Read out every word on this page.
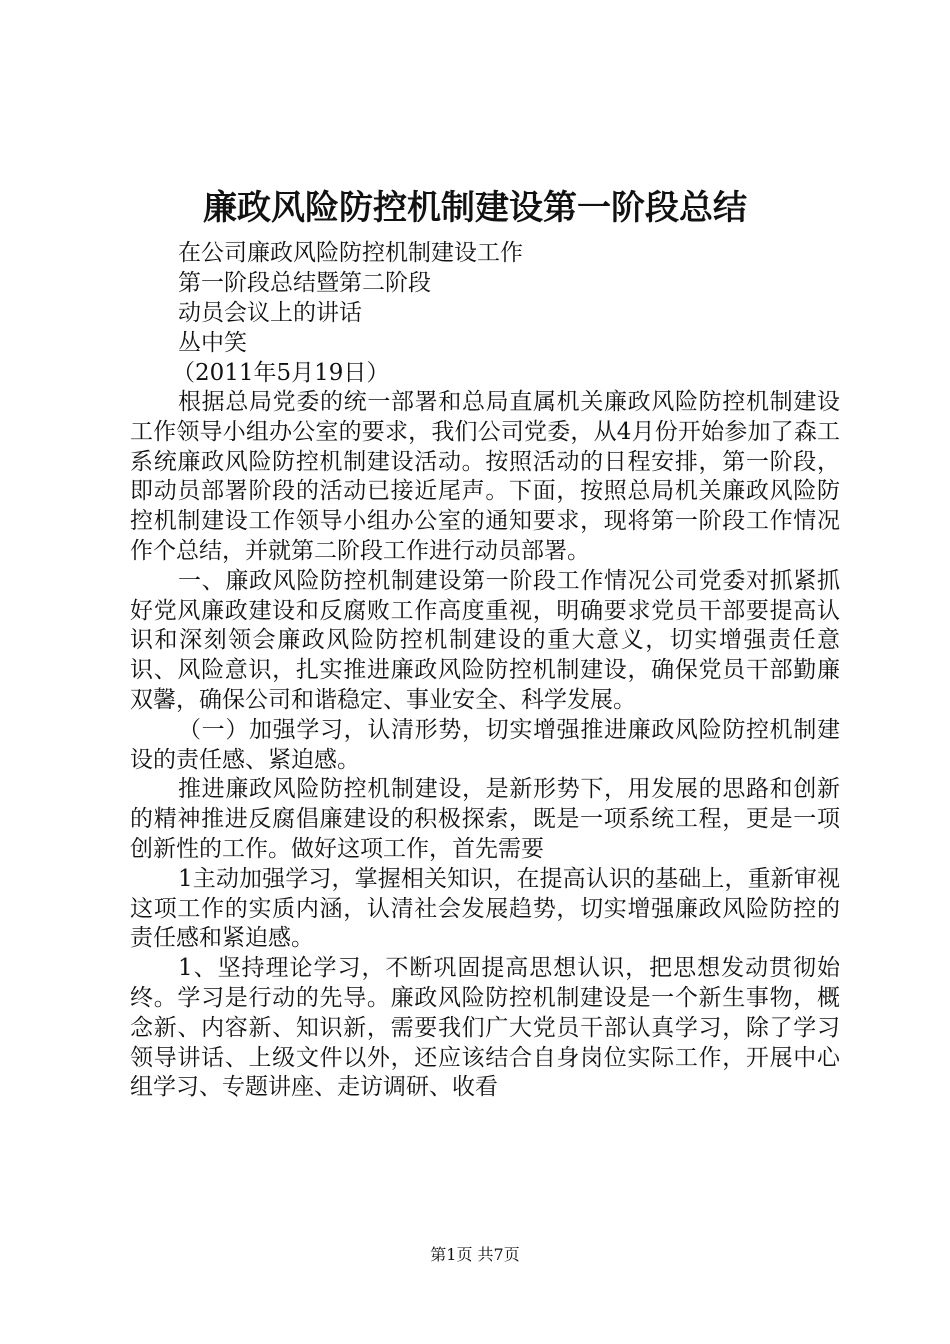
廉政风险防控机制建设第一阶段总结
在公司廉政风险防控机制建设工作
第一阶段总结暨第二阶段
动员会议上的讲话
丛中笑
（2011年5月19日）

根据总局党委的统一部署和总局直属机关廉政风险防控机制建设工作领导小组办公室的要求，我们公司党委，从4月份开始参加了森工系统廉政风险防控机制建设活动。按照活动的日程安排，第一阶段，即动员部署阶段的活动已接近尾声。下面，按照总局机关廉政风险防控机制建设工作领导小组办公室的通知要求，现将第一阶段工作情况作个总结，并就第二阶段工作进行动员部署。

一、廉政风险防控机制建设第一阶段工作情况公司党委对抓紧抓好党风廉政建设和反腐败工作高度重视，明确要求党员干部要提高认识和深刻领会廉政风险防控机制建设的重大意义，切实增强责任意识、风险意识，扎实推进廉政风险防控机制建设，确保党员干部勤廉双馨，确保公司和谐稳定、事业安全、科学发展。

（一）加强学习，认清形势，切实增强推进廉政风险防控机制建设的责任感、紧迫感。

推进廉政风险防控机制建设，是新形势下，用发展的思路和创新的精神推进反腐倡廉建设的积极探索，既是一项系统工程，更是一项创新性的工作。做好这项工作，首先需要

1主动加强学习，掌握相关知识，在提高认识的基础上，重新审视这项工作的实质内涵，认清社会发展趋势，切实增强廉政风险防控的责任感和紧迫感。

1、坚持理论学习，不断巩固提高思想认识，把思想发动贯彻始终。学习是行动的先导。廉政风险防控机制建设是一个新生事物，概念新、内容新、知识新，需要我们广大党员干部认真学习，除了学习领导讲话、上级文件以外，还应该结合自身岗位实际工作，开展中心组学习、专题讲座、走访调研、收看

第1页 共7页
